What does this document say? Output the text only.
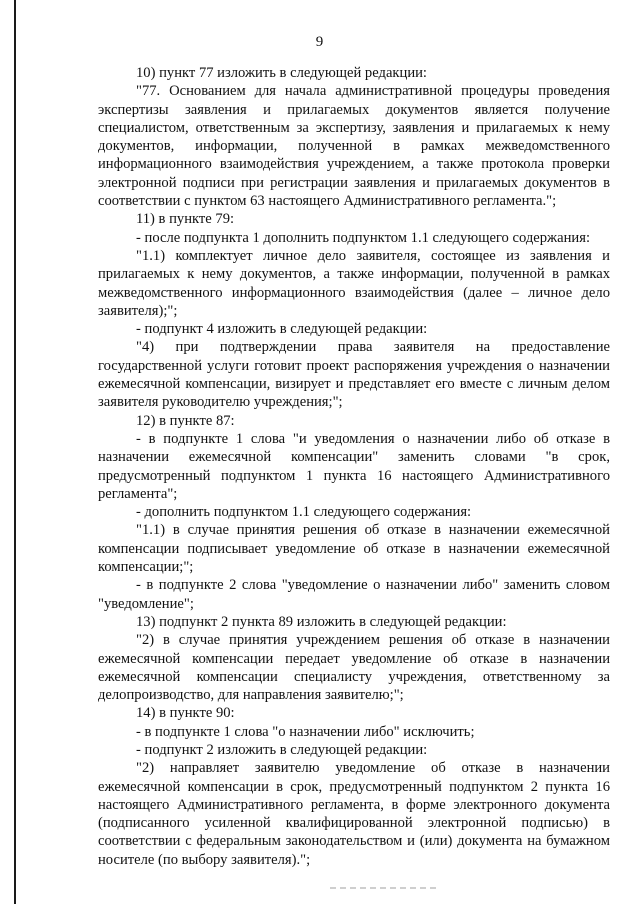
9

10) пункт 77 изложить в следующей редакции:

"77. Основанием для начала административной процедуры проведения экспертизы заявления и прилагаемых документов является получение специалистом, ответственным за экспертизу, заявления и прилагаемых к нему документов, информации, полученной в рамках межведомственного информационного взаимодействия учреждением, а также протокола проверки электронной подписи при регистрации заявления и прилагаемых документов в соответствии с пунктом 63 настоящего Административного регламента.";

11) в пункте 79:

- после подпункта 1 дополнить подпунктом 1.1 следующего содержания:

"1.1) комплектует личное дело заявителя, состоящее из заявления и прилагаемых к нему документов, а также информации, полученной в рамках межведомственного информационного взаимодействия (далее – личное дело заявителя);";

- подпункт 4 изложить в следующей редакции:

"4) при подтверждении права заявителя на предоставление государственной услуги готовит проект распоряжения учреждения о назначении ежемесячной компенсации, визирует и представляет его вместе с личным делом заявителя руководителю учреждения;";

12) в пункте 87:

- в подпункте 1 слова "и уведомления о назначении либо об отказе в назначении ежемесячной компенсации" заменить словами "в срок, предусмотренный подпунктом 1 пункта 16 настоящего Административного регламента";

- дополнить подпунктом 1.1 следующего содержания:

"1.1) в случае принятия решения об отказе в назначении ежемесячной компенсации подписывает уведомление об отказе в назначении ежемесячной компенсации;";

- в подпункте 2 слова "уведомление о назначении либо" заменить словом "уведомление";

13) подпункт 2 пункта 89 изложить в следующей редакции:

"2) в случае принятия учреждением решения об отказе в назначении ежемесячной компенсации передает уведомление об отказе в назначении ежемесячной компенсации специалисту учреждения, ответственному за делопроизводство, для направления заявителю;";

14) в пункте 90:

- в подпункте 1 слова "о назначении либо" исключить;

- подпункт 2 изложить в следующей редакции:

"2) направляет заявителю уведомление об отказе в назначении ежемесячной компенсации в срок, предусмотренный подпунктом 2 пункта 16 настоящего Административного регламента, в форме электронного документа (подписанного усиленной квалифицированной электронной подписью) в соответствии с федеральным законодательством и (или) документа на бумажном носителе (по выбору заявителя).";
